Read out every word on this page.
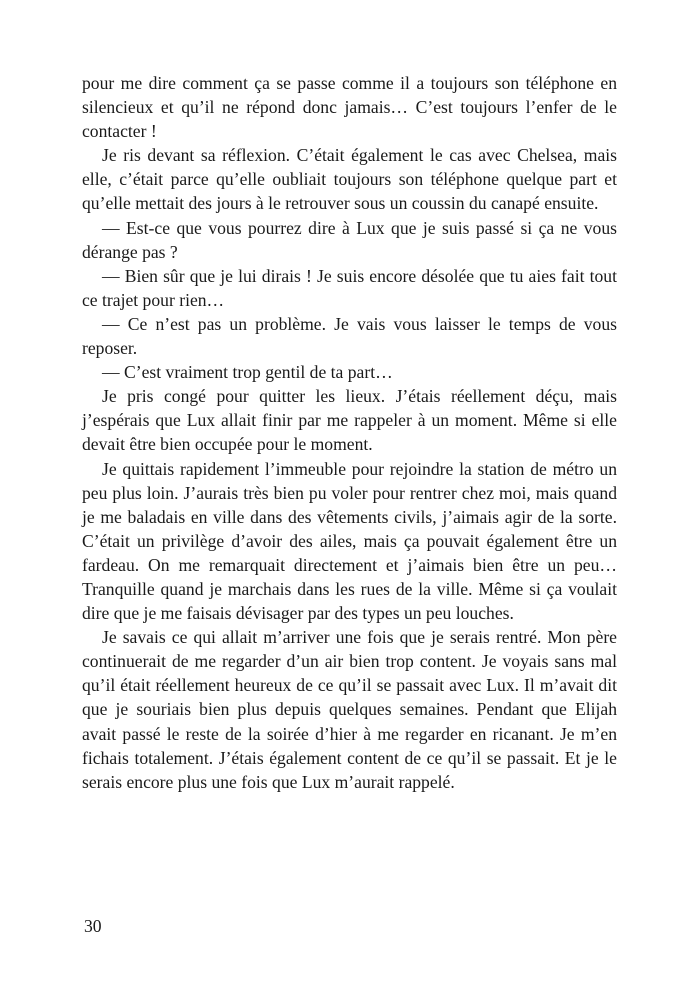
pour me dire comment ça se passe comme il a toujours son téléphone en silencieux et qu’il ne répond donc jamais… C’est toujours l’enfer de le contacter !

Je ris devant sa réflexion. C’était également le cas avec Chelsea, mais elle, c’était parce qu’elle oubliait toujours son téléphone quelque part et qu’elle mettait des jours à le retrouver sous un coussin du canapé ensuite.

— Est-ce que vous pourrez dire à Lux que je suis passé si ça ne vous dérange pas ?

— Bien sûr que je lui dirais ! Je suis encore désolée que tu aies fait tout ce trajet pour rien…

— Ce n’est pas un problème. Je vais vous laisser le temps de vous reposer.

— C’est vraiment trop gentil de ta part…

Je pris congé pour quitter les lieux. J’étais réellement déçu, mais j’espérais que Lux allait finir par me rappeler à un moment. Même si elle devait être bien occupée pour le moment.

Je quittais rapidement l’immeuble pour rejoindre la station de métro un peu plus loin. J’aurais très bien pu voler pour rentrer chez moi, mais quand je me baladais en ville dans des vêtements civils, j’aimais agir de la sorte. C’était un privilège d’avoir des ailes, mais ça pouvait également être un fardeau. On me remarquait directement et j’aimais bien être un peu… Tranquille quand je marchais dans les rues de la ville. Même si ça voulait dire que je me faisais dévisager par des types un peu louches.

Je savais ce qui allait m’arriver une fois que je serais rentré. Mon père continuerait de me regarder d’un air bien trop content. Je voyais sans mal qu’il était réellement heureux de ce qu’il se passait avec Lux. Il m’avait dit que je souriais bien plus depuis quelques semaines. Pendant que Elijah avait passé le reste de la soirée d’hier à me regarder en ricanant. Je m’en fichais totalement. J’étais également content de ce qu’il se passait. Et je le serais encore plus une fois que Lux m’aurait rappelé.

30
